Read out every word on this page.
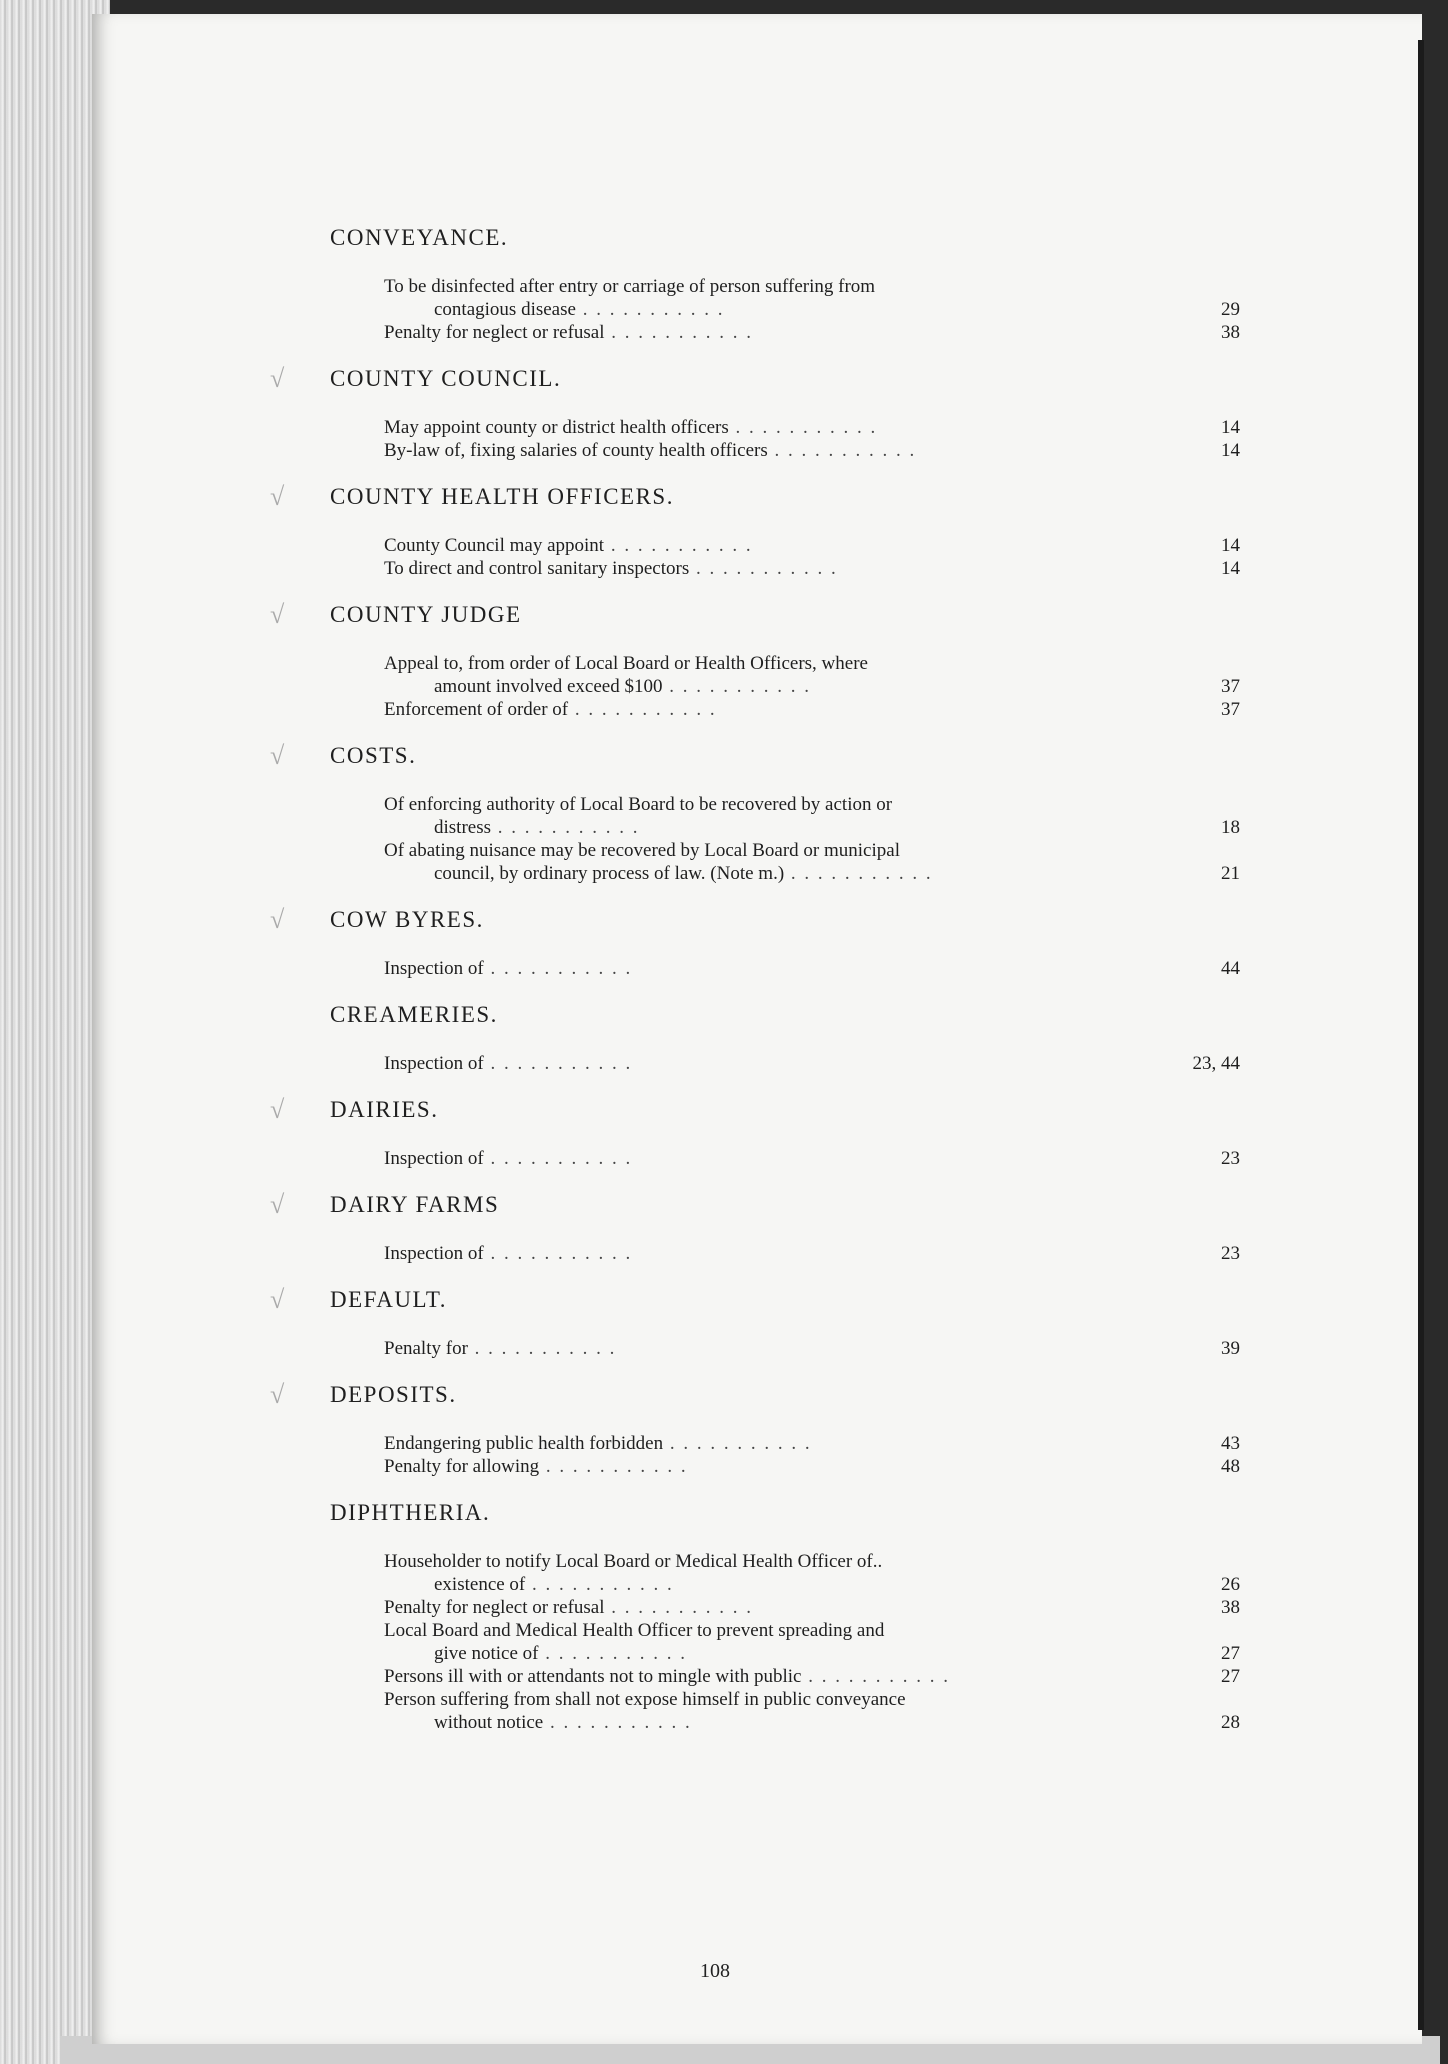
CONVEYANCE.
To be disinfected after entry or carriage of person suffering from
contagious disease . . . . . . . . . . .	29
Penalty for neglect or refusal . . . . . . . . . . .	38
COUNTY COUNCIL.
√
May appoint county or district health officers . . . . . . . . . . .	14
By-law of, fixing salaries of county health officers . . . . . . . . . . .	14
COUNTY HEALTH OFFICERS.
√
County Council may appoint . . . . . . . . . . .	14
To direct and control sanitary inspectors . . . . . . . . . . .	14
COUNTY JUDGE
√
Appeal to, from order of Local Board or Health Officers, where
amount involved exceed $100 . . . . . . . . . . .	37
Enforcement of order of . . . . . . . . . . .	37
COSTS.
√
Of enforcing authority of Local Board to be recovered by action or
distress . . . . . . . . . . .	18
Of abating nuisance may be recovered by Local Board or municipal
council, by ordinary process of law. (Note m.) . . . . . . . . . . .	21
COW BYRES.
√
Inspection of . . . . . . . . . . .	44
CREAMERIES.
Inspection of . . . . . . . . . . .	23, 44
DAIRIES.
√
Inspection of . . . . . . . . . . .	23
DAIRY FARMS
√
Inspection of . . . . . . . . . . .	23
DEFAULT.
√
Penalty for . . . . . . . . . . .	39
DEPOSITS.
√
Endangering public health forbidden . . . . . . . . . . .	43
Penalty for allowing . . . . . . . . . . .	48
DIPHTHERIA.
Householder to notify Local Board or Medical Health Officer of..
existence of . . . . . . . . . . .	26
Penalty for neglect or refusal . . . . . . . . . . .	38
Local Board and Medical Health Officer to prevent spreading and
give notice of . . . . . . . . . . .	27
Persons ill with or attendants not to mingle with public . . . . . . . . . . .	27
Person suffering from shall not expose himself in public conveyance
without notice . . . . . . . . . . .	28
108
